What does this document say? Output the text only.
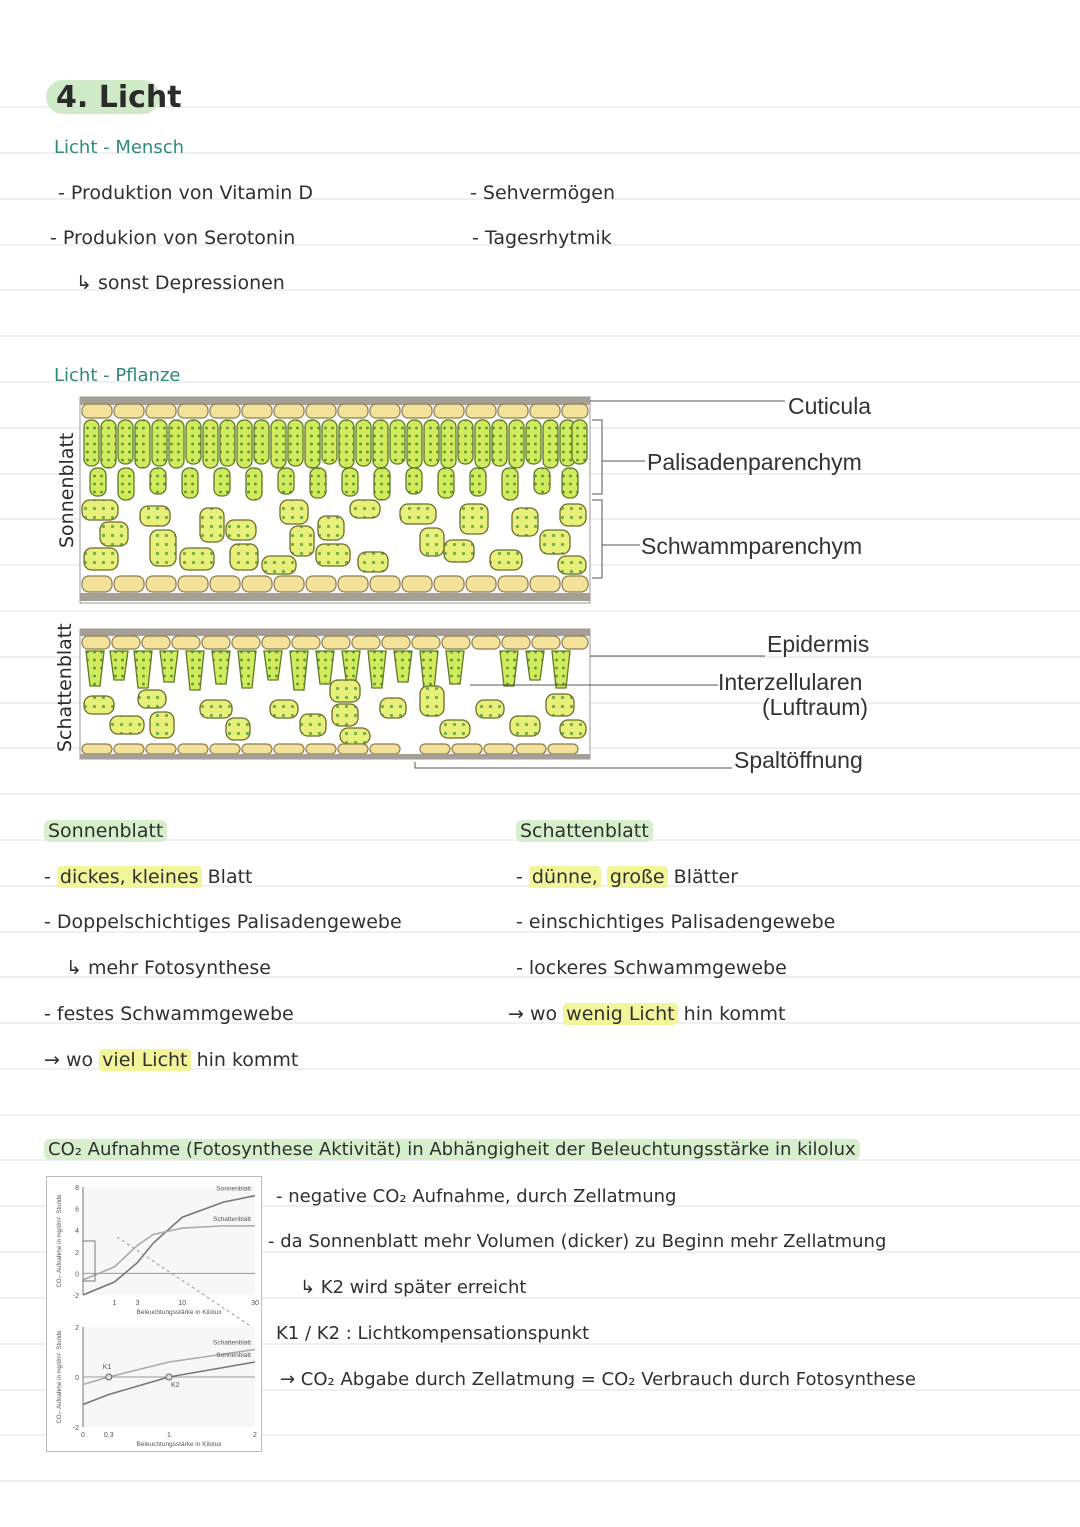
4. Licht
Licht - Mensch
- Produktion von Vitamin D
- Produkion von Serotonin
↳ sonst Depressionen
- Sehvermögen
- Tagesrhytmik
Licht - Pflanze
Sonnenblatt
Schattenblatt
Cuticula
Palisadenparenchym
Schwammparenchym
Epidermis
Interzellularen
(Luftraum)
Spaltöffnung
Sonnenblatt
- dickes, kleines Blatt
- Doppelschichtiges Palisadengewebe
↳ mehr Fotosynthese
- festes Schwammgewebe
→ wo viel Licht hin kommt
Schattenblatt
- dünne, große Blätter
- einschichtiges Palisadengewebe
- lockeres Schwammgewebe
→ wo wenig Licht hin kommt
CO₂ Aufnahme (Fotosynthese Aktivität) in Abhängigheit der Beleuchtungsstärke in kilolux
- negative CO₂ Aufnahme, durch Zellatmung
- da Sonnenblatt mehr Volumen (dicker) zu Beginn mehr Zellatmung
↳ K2 wird später erreicht
K1 / K2 : Lichtkompensationspunkt
→ CO₂ Abgabe durch Zellatmung = CO₂ Verbrauch durch Fotosynthese
-2
0
2
4
6
8
1	3	10	30
Beleuchtungsstärke in Kilolux
CO₂- Aufnahme in mg/dm²· Stunde
Sonnenblatt
Schattenblatt
-2
0
2
0	0,3	1	2
Beleuchtungsstärke in Kilolux
CO₂- Aufnahme in mg/dm²· Stunde	Schattenblatt
Sonnenblatt
K1
K2
